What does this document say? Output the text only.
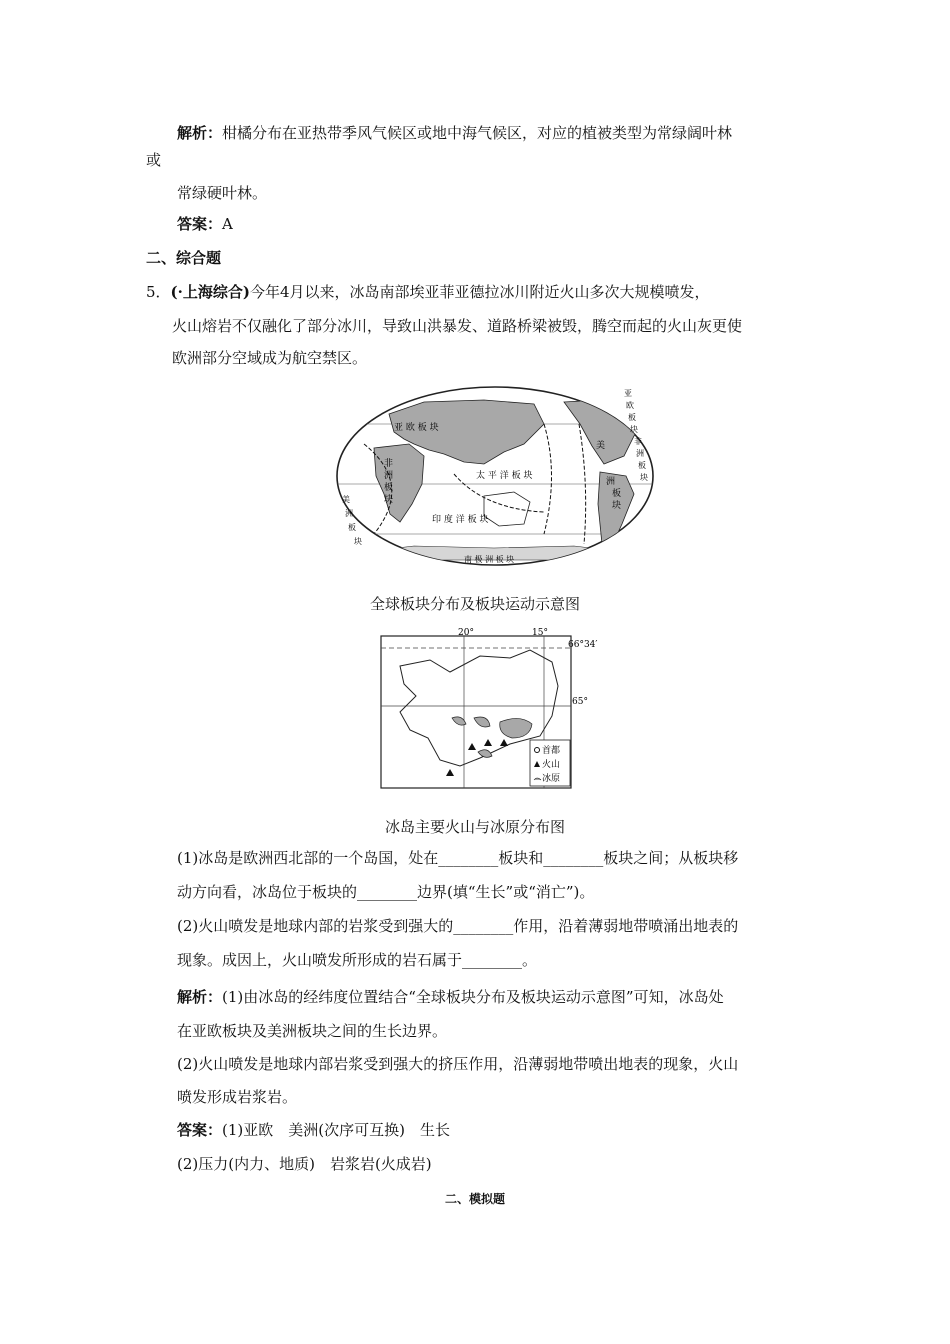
解析：柑橘分布在亚热带季风气候区或地中海气候区，对应的植被类型为常绿阔叶林
或
常绿硬叶林。
答案：A
二、综合题
5．(·上海综合)今年4月以来，冰岛南部埃亚菲亚德拉冰川附近火山多次大规模喷发，
火山熔岩不仅融化了部分冰川，导致山洪暴发、道路桥梁被毁，腾空而起的火山灰更使
欧洲部分空域成为航空禁区。
亚 欧 板 块
非
洲
板
块
太 平 洋 板 块
印 度 洋 板 块
美
洲
板
块
美
洲
板
块
亚
欧
板
块
非
洲
板
块
南 极 洲 板 块
全球板块分布及板块运动示意图
20°	15°
66°34′
65°
首都
火山
冰原
冰岛主要火山与冰原分布图
(1)冰岛是欧洲西北部的一个岛国，处在________板块和________板块之间；从板块移
动方向看，冰岛位于板块的________边界(填“生长”或“消亡”)。
(2)火山喷发是地球内部的岩浆受到强大的________作用，沿着薄弱地带喷涌出地表的
现象。成因上，火山喷发所形成的岩石属于________。
解析：(1)由冰岛的经纬度位置结合“全球板块分布及板块运动示意图”可知，冰岛处
在亚欧板块及美洲板块之间的生长边界。
(2)火山喷发是地球内部岩浆受到强大的挤压作用，沿薄弱地带喷出地表的现象，火山
喷发形成岩浆岩。
答案：(1)亚欧　美洲(次序可互换)　生长
(2)压力(内力、地质)　岩浆岩(火成岩)
二、模拟题
